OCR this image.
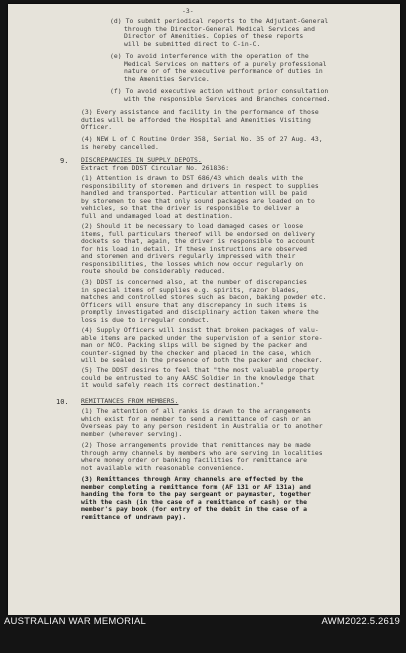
-3-
(d) To submit periodical reports to the Adjutant-General
through the Director-General Medical Services and
Director of Amenities. Copies of these reports
will be submitted direct to C-in-C.
(e) To avoid interference with the operation of the
Medical Services on matters of a purely professional
nature or of the executive performance of duties in
the Amenities Service.
(f) To avoid executive action without prior consultation
with the responsible Services and Branches concerned.
(3) Every assistance and facility in the performance of those
duties will be afforded the Hospital and Amenities Visiting
Officer.
(4) NEW L of C Routine Order 358, Serial No. 35 of 27 Aug. 43,
is hereby cancelled.
9. DISCREPANCIES IN SUPPLY DEPOTS.
Extract from DDST Circular No. 261836:
(1) Attention is drawn to DST 686/43 which deals with the
responsibility of storemen and drivers in respect to supplies
handled and transported. Particular attention will be paid
by storemen to see that only sound packages are loaded on to
vehicles, so that the driver is responsible to deliver a
full and undamaged load at destination.
(2) Should it be necessary to load damaged cases or loose
items, full particulars thereof will be endorsed on delivery
dockets so that, again, the driver is responsible to account
for his load in detail. If these instructions are observed
and storemen and drivers regularly impressed with their
responsibilities, the losses which now occur regularly on
route should be considerably reduced.
(3) DDST is concerned also, at the number of discrepancies
in special items of supplies e.g. spirits, razor blades,
matches and controlled stores such as bacon, baking powder etc.
Officers will ensure that any discrepancy in such items is
promptly investigated and disciplinary action taken where the
loss is due to irregular conduct.
(4) Supply Officers will insist that broken packages of valu-
able items are packed under the supervision of a senior store-
man or NCO. Packing slips will be signed by the packer and
counter-signed by the checker and placed in the case, which
will be sealed in the presence of both the packer and checker.
(5) The DDST desires to feel that "the most valuable property
could be entrusted to any AASC Soldier in the knowledge that
it would safely reach its correct destination."
10. REMITTANCES FROM MEMBERS.
(1) The attention of all ranks is drawn to the arrangements
which exist for a member to send a remittance of cash or an
Overseas pay to any person resident in Australia or to another
member (wherever serving).
(2) Those arrangements provide that remittances may be made
through army channels by members who are serving in localities
where money order or banking facilities for remittance are
not available with reasonable convenience.
(3) Remittances through Army channels are effected by the
member completing a remittance form (AF 131 or AF 131a) and
handing the form to the pay sergeant or paymaster, together
with the cash (in the case of a remittance of cash) or the
member's pay book (for entry of the debit in the case of a
remittance of undrawn pay).
AUSTRALIAN WAR MEMORIAL	AWM2022.5.2619
